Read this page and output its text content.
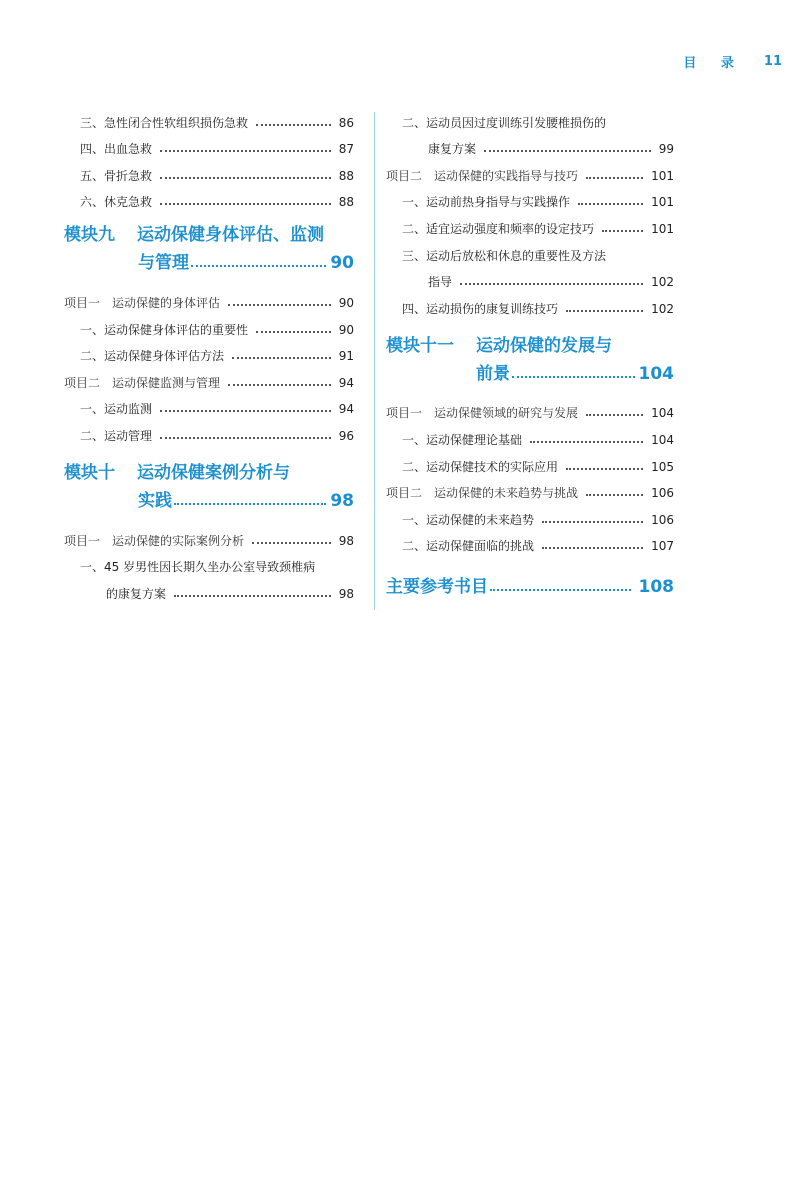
目 录 11
三、急性闭合性软组织损伤急救	86
四、出血急救	87
五、骨折急救	88
六、休克急救	88
模块九 运动保健身体评估、监测
与管理	90
项目一　运动保健的身体评估	90
一、运动保健身体评估的重要性	90
二、运动保健身体评估方法	91
项目二　运动保健监测与管理	94
一、运动监测	94
二、运动管理	96
模块十 运动保健案例分析与
实践	98
项目一　运动保健的实际案例分析	98
一、45 岁男性因长期久坐办公室导致颈椎病
的康复方案	98
二、运动员因过度训练引发腰椎损伤的
康复方案	99
项目二　运动保健的实践指导与技巧	101
一、运动前热身指导与实践操作	101
二、适宜运动强度和频率的设定技巧	101
三、运动后放松和休息的重要性及方法
指导	102
四、运动损伤的康复训练技巧	102
模块十一 运动保健的发展与
前景	104
项目一　运动保健领域的研究与发展	104
一、运动保健理论基础	104
二、运动保健技术的实际应用	105
项目二　运动保健的未来趋势与挑战	106
一、运动保健的未来趋势	106
二、运动保健面临的挑战	107
主要参考书目	108
